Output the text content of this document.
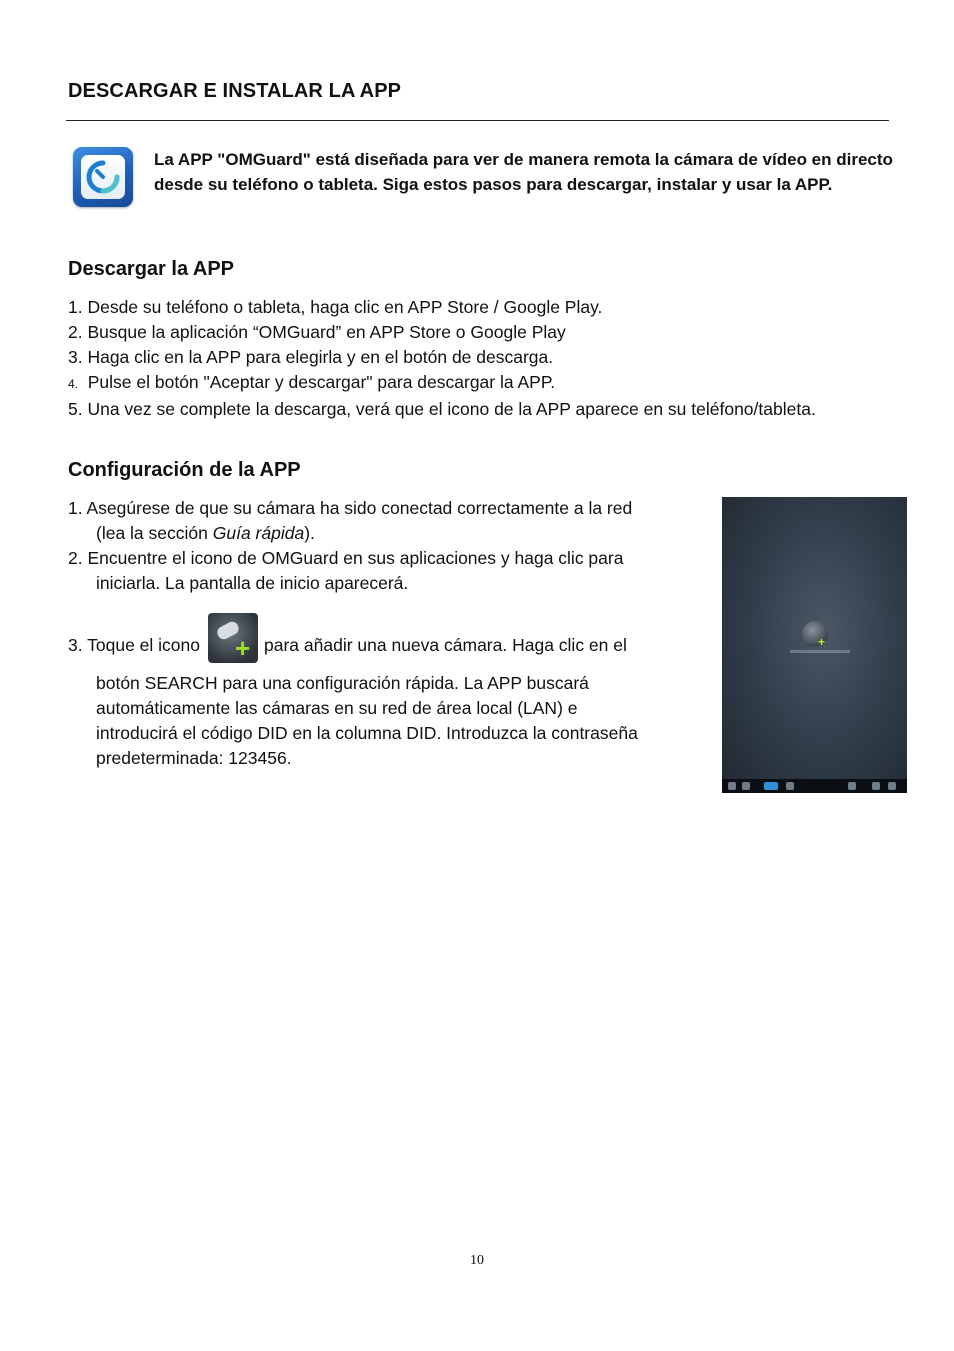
DESCARGAR E INSTALAR LA APP
La APP "OMGuard" está diseñada para ver de manera remota la cámara de vídeo en directo desde su teléfono o tableta. Siga estos pasos para descargar, instalar y usar la APP.
Descargar la APP
1. Desde su teléfono o tableta, haga clic en APP Store / Google Play.
2. Busque la aplicación “OMGuard” en APP Store o Google Play
3. Haga clic en la APP para elegirla y en el botón de descarga.
4. Pulse el botón "Aceptar y descargar" para descargar la APP.
5. Una vez se complete la descarga, verá que el icono de la APP aparece en su teléfono/tableta.
Configuración de la APP
1. Asegúrese de que su cámara ha sido conectad correctamente a la red
(lea la sección Guía rápida).
2. Encuentre el icono de OMGuard en sus aplicaciones y haga clic para
iniciarla. La pantalla de inicio aparecerá.
3. Toque el icono + para añadir una nueva cámara. Haga clic en el
botón SEARCH para una configuración rápida. La APP buscará
automáticamente las cámaras en su red de área local (LAN) e
introducirá el código DID en la columna DID. Introduzca la contraseña
predeterminada: 123456.
+
10
